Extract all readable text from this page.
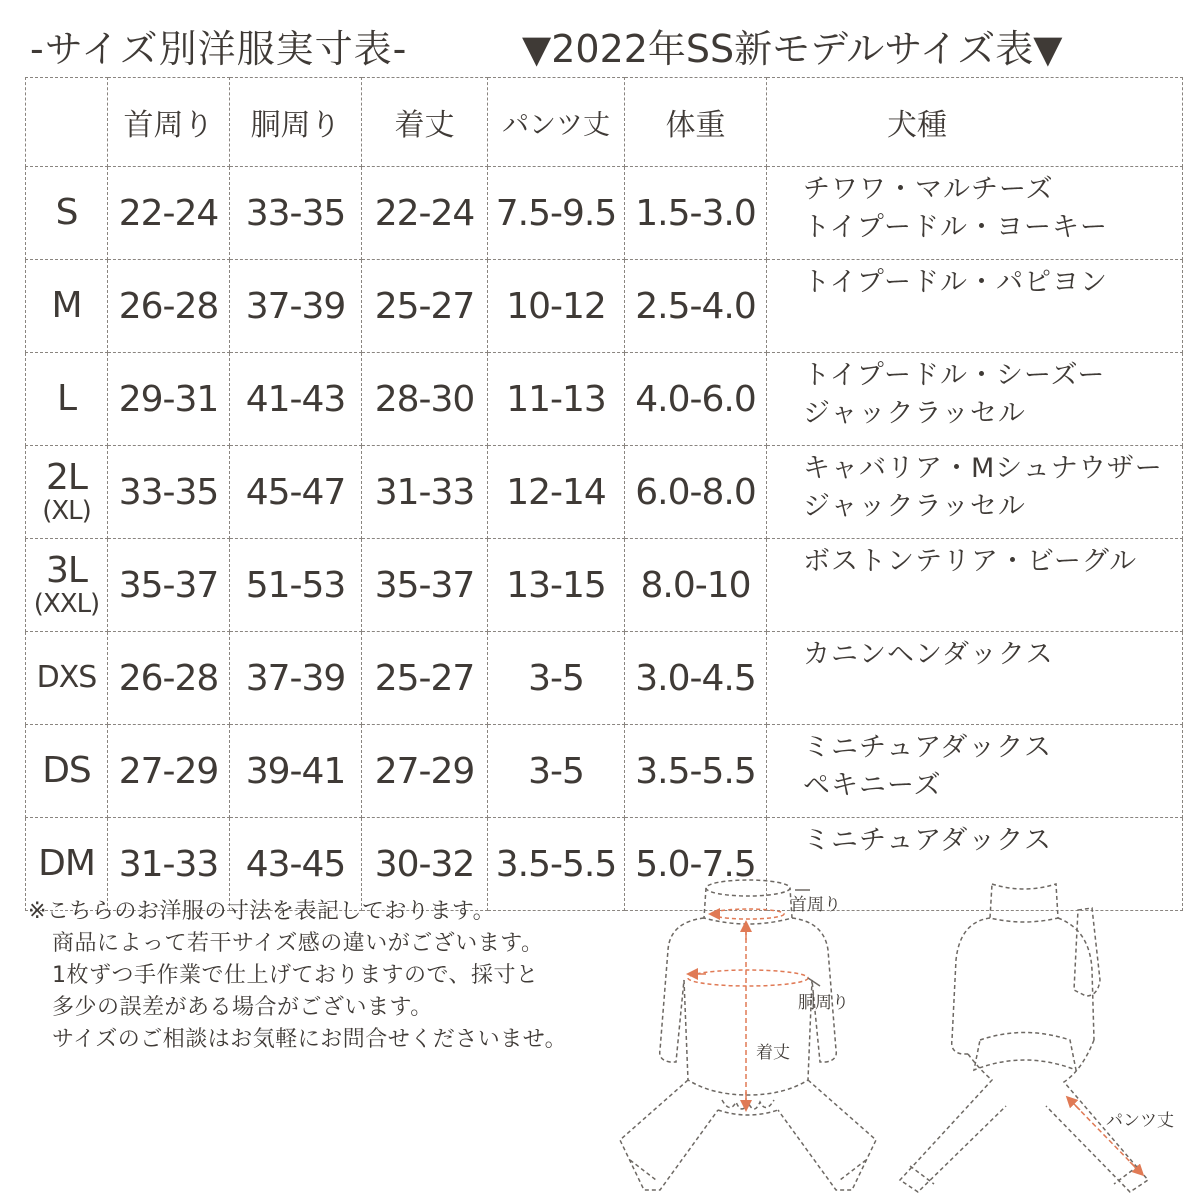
-サイズ別洋服実寸表-	▼2022年SS新モデルサイズ表▼
	首周り	胴周り	着丈	パンツ丈	体重	犬種
S	22-24	33-35	22-24	7.5-9.5	1.5-3.0	チワワ・マルチーズ
トイプードル・ヨーキー

M	26-28	37-39	25-27	10-12	2.5-4.0	トイプードル・パピヨン

L	29-31	41-43	28-30	11-13	4.0-6.0	トイプードル・シーズー
ジャックラッセル

2L
(XL)	33-35	45-47	31-33	12-14	6.0-8.0	キャバリア・Mシュナウザー
ジャックラッセル

3L
(XXL)	35-37	51-53	35-37	13-15	8.0-10	ボストンテリア・ビーグル

DXS	26-28	37-39	25-27	3-5	3.0-4.5	カニンヘンダックス

DS	27-29	39-41	27-29	3-5	3.5-5.5	ミニチュアダックス
ペキニーズ

DM	31-33	43-45	30-32	3.5-5.5	5.0-7.5	ミニチュアダックス
※こちらのお洋服の寸法を表記しております。
商品によって若干サイズ感の違いがございます。
1枚ずつ手作業で仕上げておりますので、採寸と
多少の誤差がある場合がございます。
サイズのご相談はお気軽にお問合せくださいませ。
首周り
胴周り
着丈
パンツ丈
